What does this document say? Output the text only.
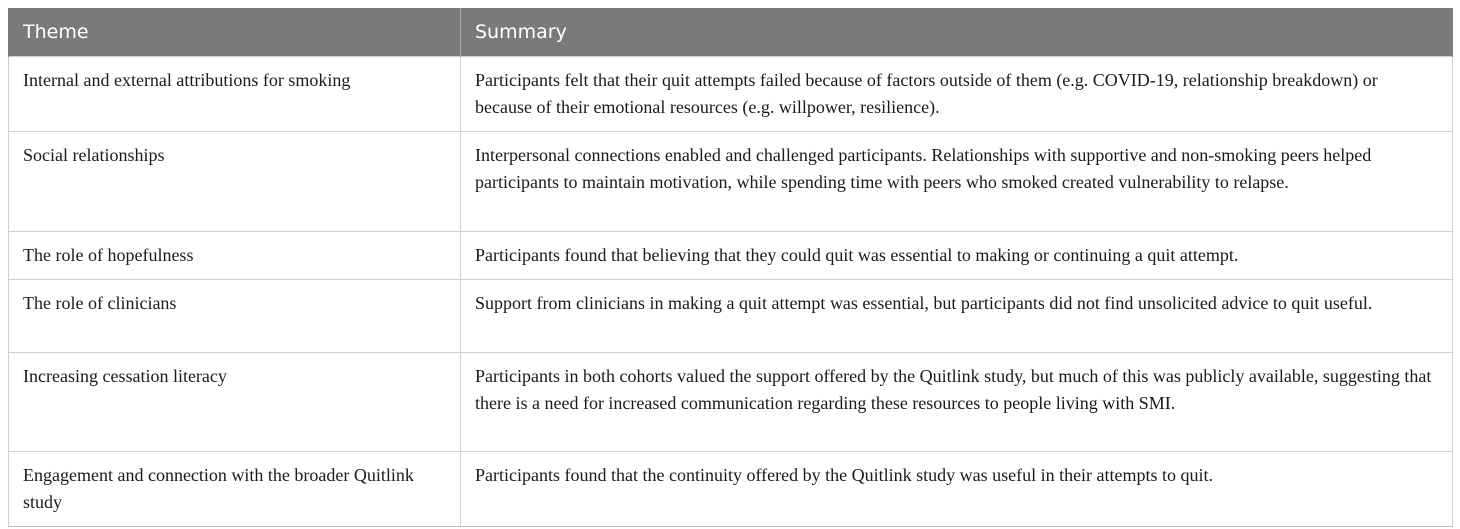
Theme	Summary
Internal and external attributions for smoking	Participants felt that their quit attempts failed because of factors outside of them (e.g. COVID-19, relationship breakdown) or because of their emotional resources (e.g. willpower, resilience).
Social relationships	Interpersonal connections enabled and challenged participants. Relationships with supportive and non-smoking peers helped participants to maintain motivation, while spending time with peers who smoked created vulnerability to relapse.
The role of hopefulness	Participants found that believing that they could quit was essential to making or continuing a quit attempt.
The role of clinicians	Support from clinicians in making a quit attempt was essential, but participants did not find unsolicited advice to quit useful.
Increasing cessation literacy	Participants in both cohorts valued the support offered by the Quitlink study, but much of this was publicly available, suggesting that there is a need for increased communication regarding these resources to people living with SMI.
Engagement and connection with the broader Quitlink study	Participants found that the continuity offered by the Quitlink study was useful in their attempts to quit.
